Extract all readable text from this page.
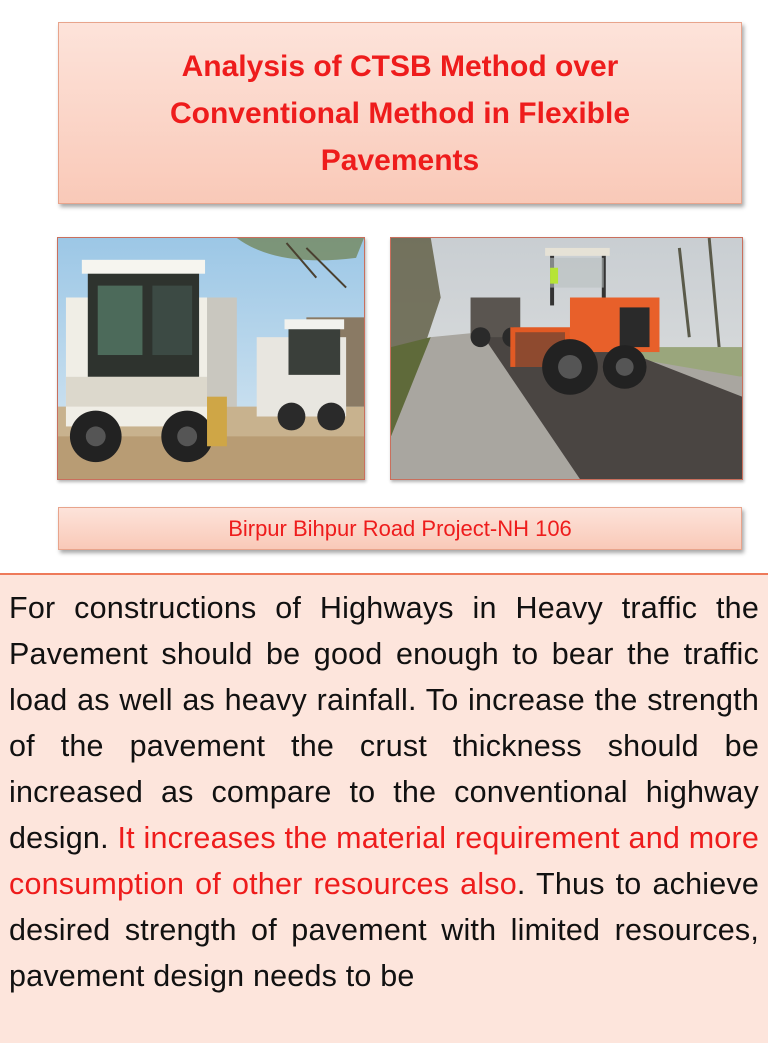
Analysis of CTSB Method over Conventional Method in Flexible Pavements

Birpur Bihpur Road Project-NH 106

For constructions of Highways in Heavy traffic the Pavement should be good enough to bear the traffic load as well as heavy rainfall. To increase the strength of the pavement the crust thickness should be increased as compare to the conventional highway design. It increases the material requirement and more consumption of other resources also. Thus to achieve desired strength of pavement with limited resources, pavement design needs to be
